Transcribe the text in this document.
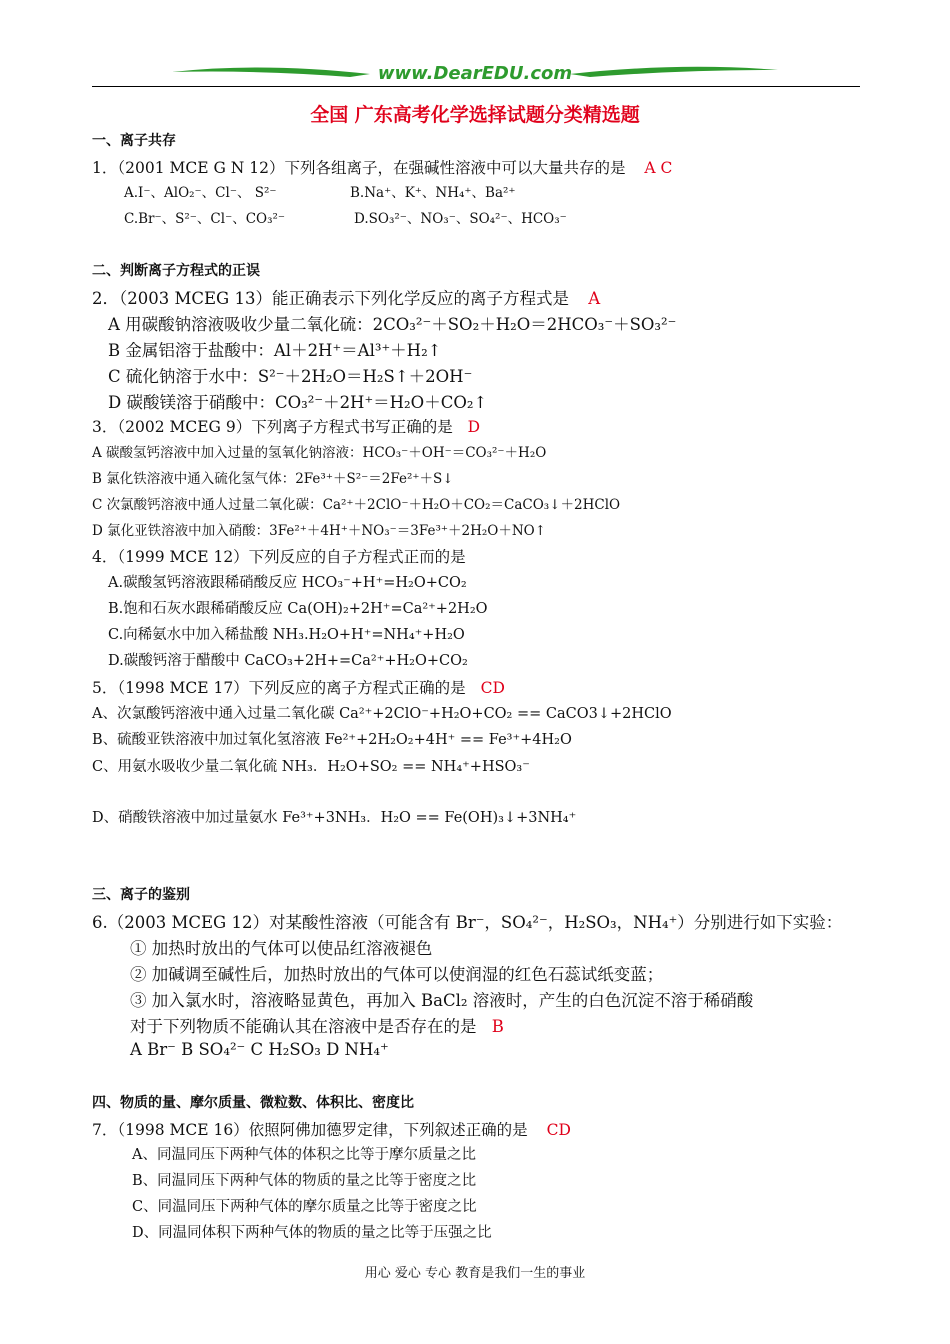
www.DearEDU.com
全国 广东高考化学选择试题分类精选题
一、离子共存
1．（2001 MCE G N 12）下列各组离子，在强碱性溶液中可以大量共存的是 A C
A.I⁻、AlO₂⁻、Cl⁻、 S²⁻	B.Na⁺、K⁺、NH₄⁺、Ba²⁺
C.Br⁻、S²⁻、Cl⁻、CO₃²⁻	D.SO₃²⁻、NO₃⁻、SO₄²⁻、HCO₃⁻
二、判断离子方程式的正误
2．（2003 MCEG 13）能正确表示下列化学反应的离子方程式是 A
A 用碳酸钠溶液吸收少量二氧化硫：2CO₃²⁻＋SO₂＋H₂O＝2HCO₃⁻＋SO₃²⁻
B 金属铝溶于盐酸中：Al＋2H⁺＝Al³⁺＋H₂↑
C 硫化钠溶于水中：S²⁻＋2H₂O＝H₂S↑＋2OH⁻
D 碳酸镁溶于硝酸中：CO₃²⁻＋2H⁺＝H₂O＋CO₂↑
3．（2002 MCEG 9）下列离子方程式书写正确的是 D
A 碳酸氢钙溶液中加入过量的氢氧化钠溶液：HCO₃⁻＋OH⁻＝CO₃²⁻＋H₂O
B 氯化铁溶液中通入硫化氢气体：2Fe³⁺＋S²⁻＝2Fe²⁺＋S↓
C 次氯酸钙溶液中通人过量二氧化碳：Ca²⁺＋2ClO⁻＋H₂O＋CO₂＝CaCO₃↓＋2HClO
D 氯化亚铁溶液中加入硝酸：3Fe²⁺＋4H⁺＋NO₃⁻＝3Fe³⁺＋2H₂O＋NO↑
4．（1999 MCE 12）下列反应的自子方程式正而的是
A.碳酸氢钙溶液跟稀硝酸反应 HCO₃⁻+H⁺=H₂O+CO₂
B.饱和石灰水跟稀硝酸反应 Ca(OH)₂+2H⁺=Ca²⁺+2H₂O
C.向稀氨水中加入稀盐酸 NH₃.H₂O+H⁺=NH₄⁺+H₂O
D.碳酸钙溶于醋酸中 CaCO₃+2H+=Ca²⁺+H₂O+CO₂
5．（1998 MCE 17）下列反应的离子方程式正确的是 CD
A、次氯酸钙溶液中通入过量二氧化碳 Ca²⁺+2ClO⁻+H₂O+CO₂ == CaCO3↓+2HClO
B、硫酸亚铁溶液中加过氧化氢溶液 Fe²⁺+2H₂O₂+4H⁺ == Fe³⁺+4H₂O
C、用氨水吸收少量二氧化硫 NH₃．H₂O+SO₂ == NH₄⁺+HSO₃⁻
D、硝酸铁溶液中加过量氨水 Fe³⁺+3NH₃．H₂O == Fe(OH)₃↓+3NH₄⁺
三、离子的鉴别
6.（2003 MCEG 12）对某酸性溶液（可能含有 Br⁻，SO₄²⁻，H₂SO₃，NH₄⁺）分别进行如下实验：
① 加热时放出的气体可以使品红溶液褪色
② 加碱调至碱性后，加热时放出的气体可以使润湿的红色石蕊试纸变蓝；
③ 加入氯水时，溶液略显黄色，再加入 BaCl₂ 溶液时，产生的白色沉淀不溶于稀硝酸
对于下列物质不能确认其在溶液中是否存在的是 B
A Br⁻ B SO₄²⁻ C H₂SO₃ D NH₄⁺
四、物质的量、摩尔质量、微粒数、体积比、密度比
7．（1998 MCE 16）依照阿佛加德罗定律，下列叙述正确的是 CD
A、同温同压下两种气体的体积之比等于摩尔质量之比
B、同温同压下两种气体的物质的量之比等于密度之比
C、同温同压下两种气体的摩尔质量之比等于密度之比
D、同温同体积下两种气体的物质的量之比等于压强之比
用心 爱心 专心 教育是我们一生的事业
